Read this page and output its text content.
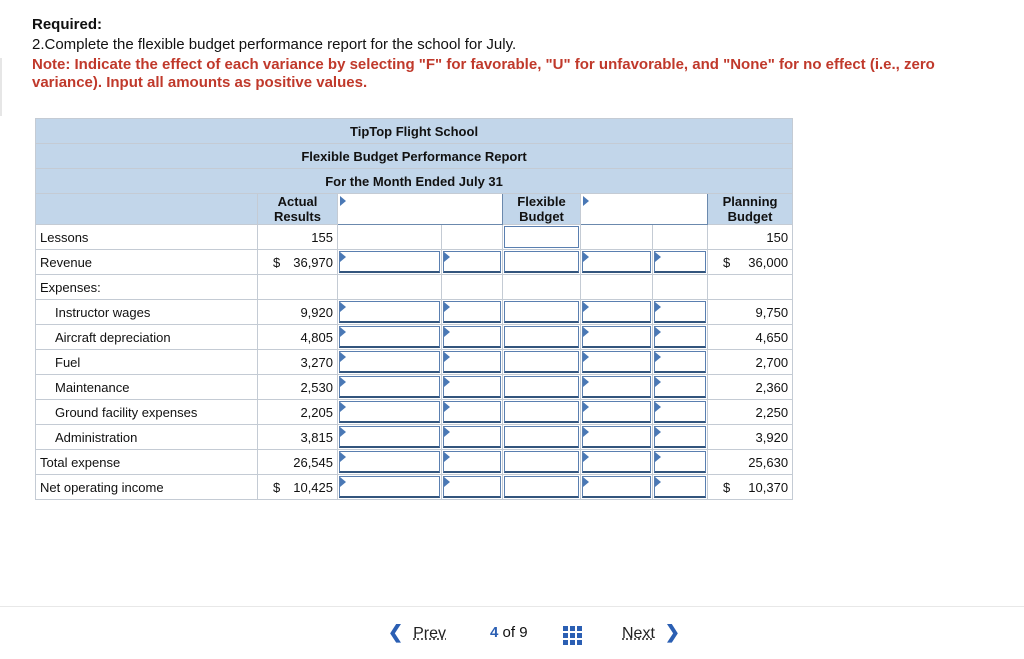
Required:
2.Complete the flexible budget performance report for the school for July.
Note: Indicate the effect of each variance by selecting "F" for favorable, "U" for unfavorable, and "None" for no effect (i.e., zero variance). Input all amounts as positive values.
TipTop Flight School							
Flexible Budget Performance Report							
For the Month Ended July 31							
	Actual Results			Flexible Budget			Planning Budget
Lessons	155						150
Revenue	$ 36,970						$ 36,000
Expenses:							
Instructor wages	9,920						9,750
Aircraft depreciation	4,805						4,650
Fuel	3,270						2,700
Maintenance	2,530						2,360
Ground facility expenses	2,205						2,250
Administration	3,815						3,920
Total expense	26,545						25,630
Net operating income	$ 10,425						$ 10,370
❮ Prev	4 of 9	Next ❯
